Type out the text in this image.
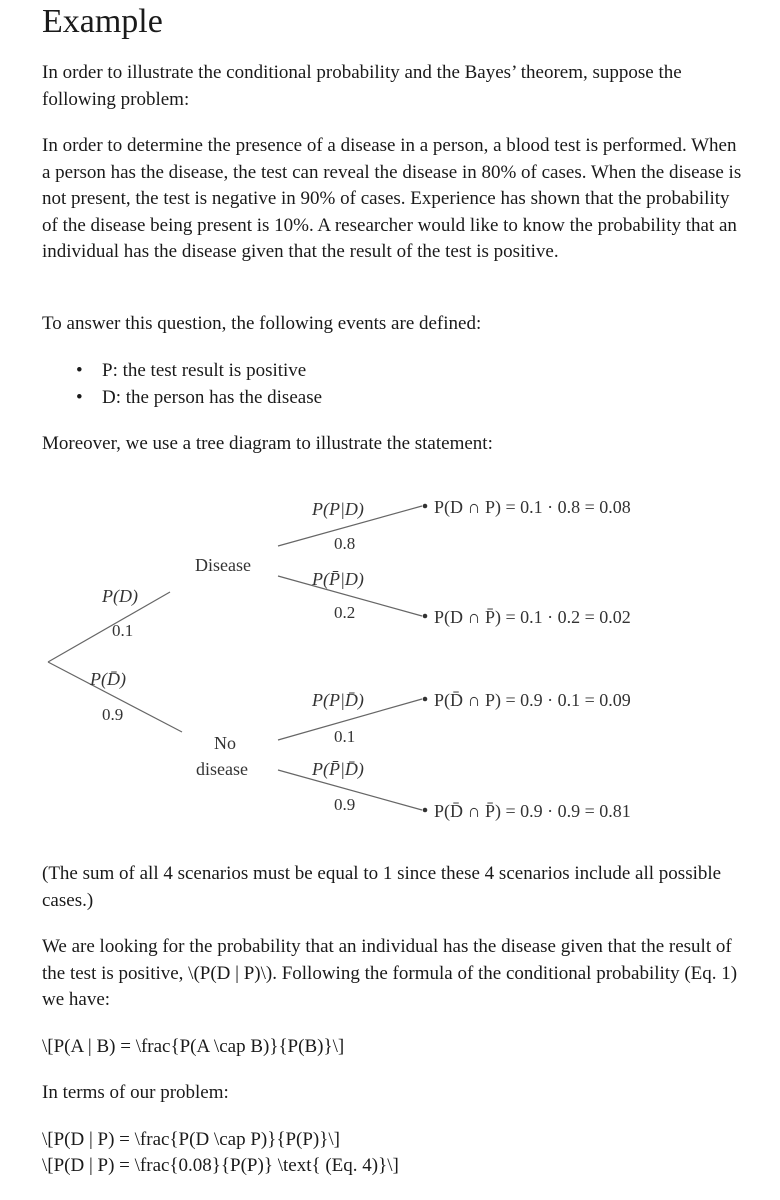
Example

In order to illustrate the conditional probability and the Bayes’ theorem, suppose the following problem:

In order to determine the presence of a disease in a person, a blood test is performed. When a person has the disease, the test can reveal the disease in 80% of cases. When the disease is not present, the test is negative in 90% of cases. Experience has shown that the probability of the disease being present is 10%. A researcher would like to know the probability that an individual has the disease given that the result of the test is positive.

To answer this question, the following events are defined:

• P: the test result is positive
• D: the person has the disease

Moreover, we use a tree diagram to illustrate the statement:

(The sum of all 4 scenarios must be equal to 1 since these 4 scenarios include all possible cases.)

We are looking for the probability that an individual has the disease given that the result of the test is positive, \(P(D | P)\). Following the formula of the conditional probability (Eq. 1) we have:

\[P(A | B) = \frac{P(A \cap B)}{P(B)}\]

In terms of our problem:

\[P(D | P) = \frac{P(D \cap P)}{P(P)}\]

\[P(D | P) = \frac{0.08}{P(P)} \text{ (Eq. 4)}\]

P(D)
0.1
P(D̄)
0.9
Disease
No
disease
P(P|D)
0.8
P(P̄|D)
0.2
P(P|D̄)
0.1
P(P̄|D̄)
0.9
P(D ∩ P) = 0.1 · 0.8 = 0.08
P(D ∩ P̄) = 0.1 · 0.2 = 0.02
P(D̄ ∩ P) = 0.9 · 0.1 = 0.09
P(D̄ ∩ P̄) = 0.9 · 0.9 = 0.81
